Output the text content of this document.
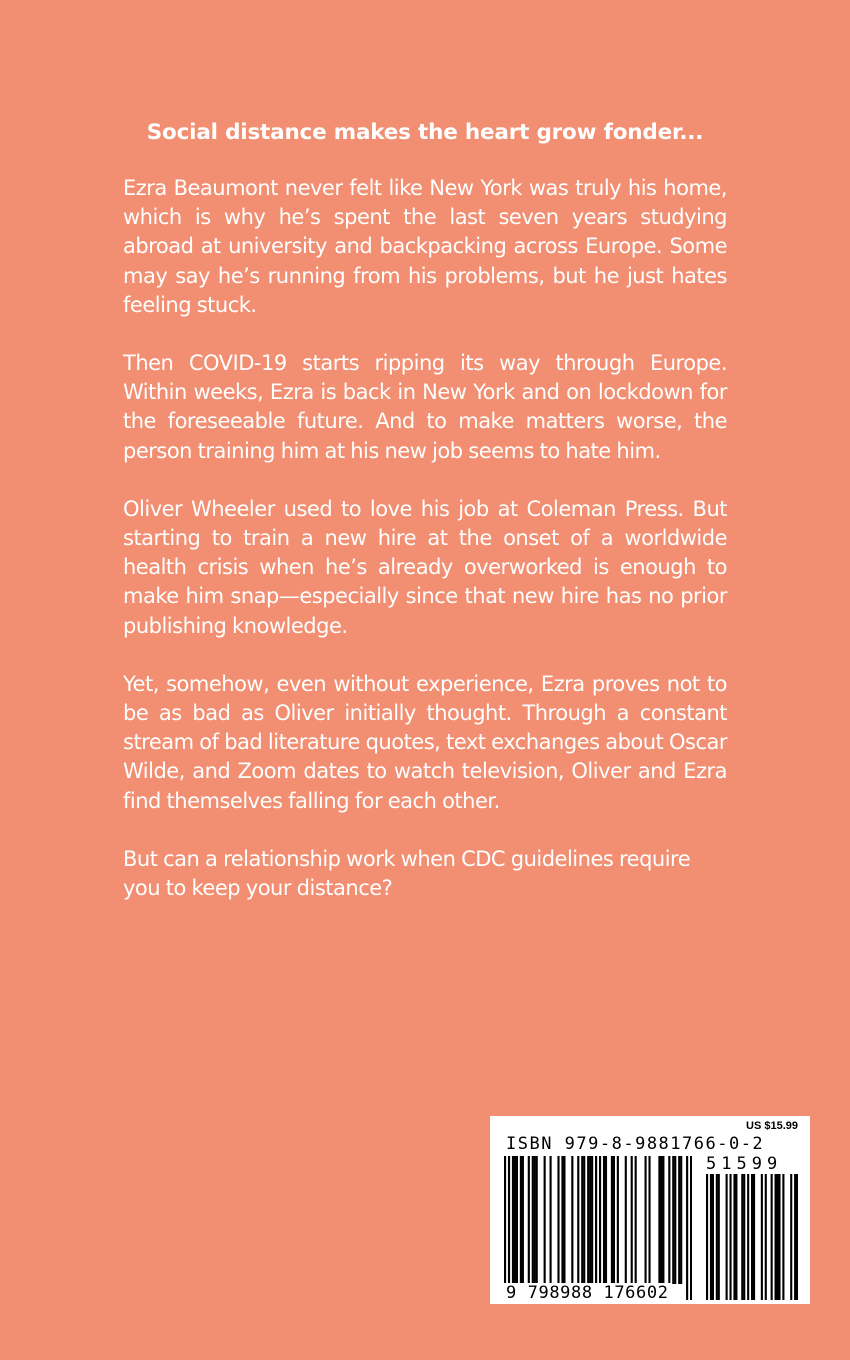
Social distance makes the heart grow fonder...

Ezra Beaumont never felt like New York was truly his home, which is why he’s spent the last seven years studying abroad at university and backpacking across Europe. Some may say he’s running from his problems, but he just hates feeling stuck.

Then COVID-19 starts ripping its way through Europe. Within weeks, Ezra is back in New York and on lockdown for the foreseeable future. And to make matters worse, the person training him at his new job seems to hate him.

Oliver Wheeler used to love his job at Coleman Press. But starting to train a new hire at the onset of a worldwide health crisis when he’s already overworked is enough to make him snap—especially since that new hire has no prior publishing knowledge.

Yet, somehow, even without experience, Ezra proves not to be as bad as Oliver initially thought. Through a constant stream of bad literature quotes, text exchanges about Oscar Wilde, and Zoom dates to watch television, Oliver and Ezra find themselves falling for each other.

But can a relationship work when CDC guidelines require you to keep your distance?

US $15.99
ISBN 979-8-9881766-0-2
51599
9 798988 176602
